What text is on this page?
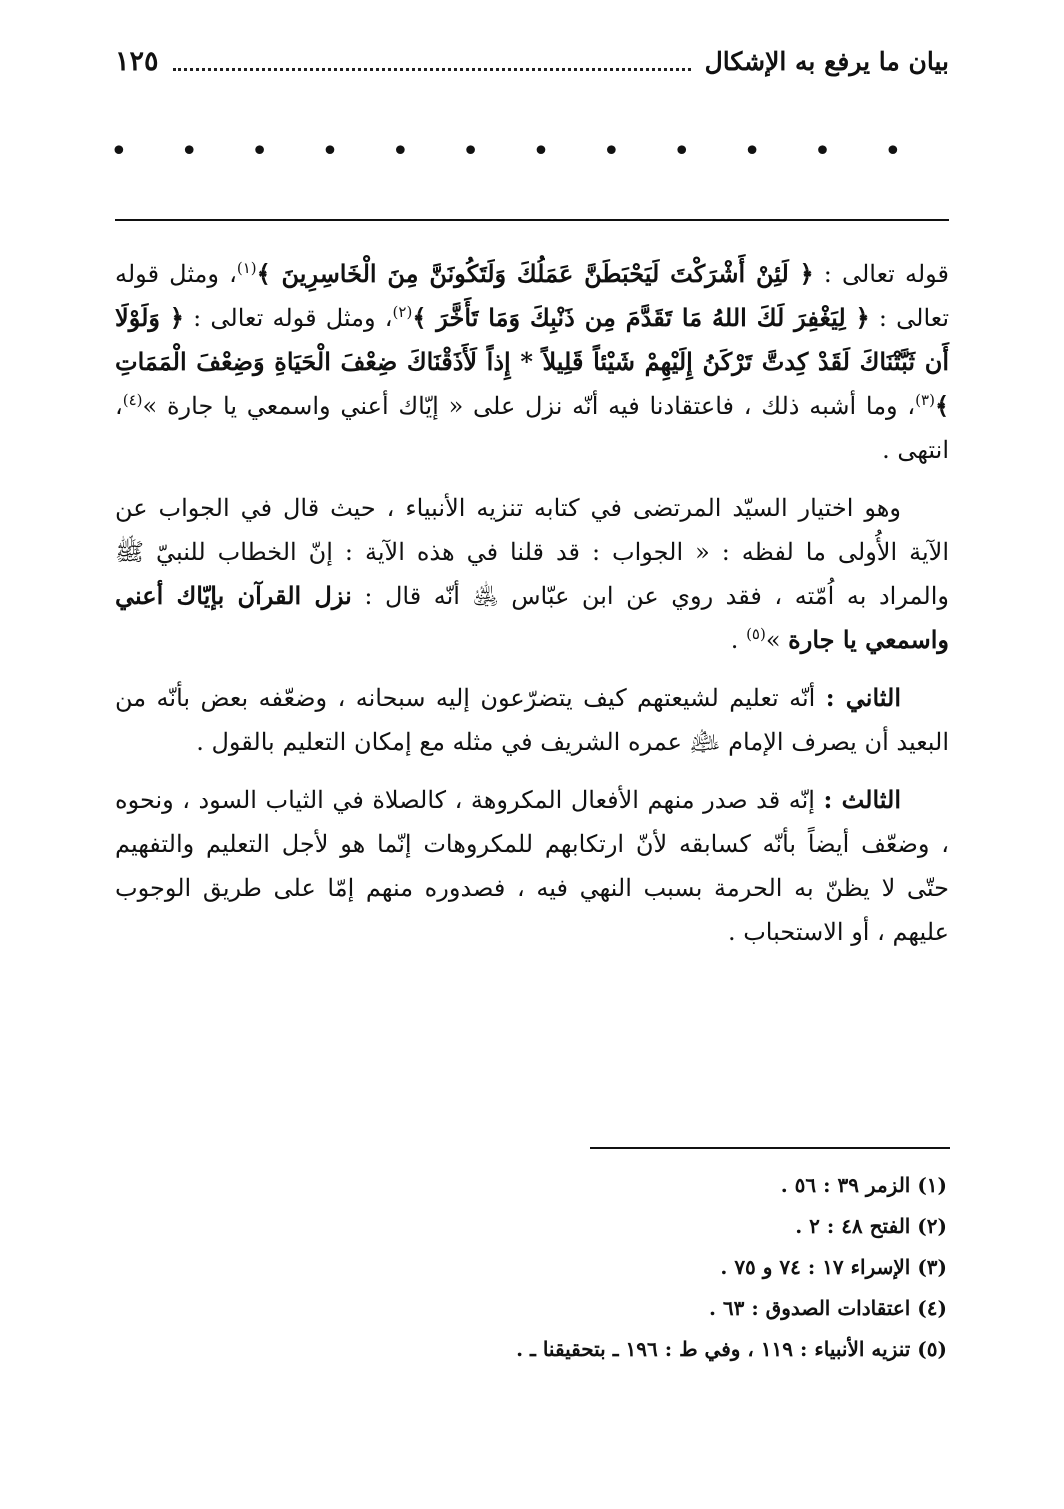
بيان ما يرفع به الإشكال
١٢٥
• • • • • • • • • • • •

قوله تعالى : ﴿ لَئِنْ أَشْرَكْتَ لَيَحْبَطَنَّ عَمَلُكَ وَلَتَكُونَنَّ مِنَ الْخَاسِرِينَ ﴾$^{(١)}$، ومثل قوله تعالى : ﴿ لِيَغْفِرَ لَكَ اللهُ مَا تَقَدَّمَ مِن ذَنْبِكَ وَمَا تَأَخَّرَ ﴾$^{(٢)}$، ومثل قوله تعالى : ﴿ وَلَوْلَا أَن ثَبَّتْنَاكَ لَقَدْ كِدتَّ تَرْكَنُ إِلَيْهِمْ شَيْئاً قَلِيلاً * إِذاً لَأَذَقْنَاكَ ضِعْفَ الْحَيَاةِ وَضِعْفَ الْمَمَاتِ ﴾$^{(٣)}$، وما أشبه ذلك ، فاعتقادنا فيه أنّه نزل على « إيّاك أعني واسمعي يا جارة »$^{(٤)}$، انتهى .

وهو اختيار السيّد المرتضى في كتابه تنزيه الأنبياء ، حيث قال في الجواب عن الآية الأُولى ما لفظه : « الجواب : قد قلنا في هذه الآية : إنّ الخطاب للنبيّ ﷺ والمراد به اُمّته ، فقد روي عن ابن عبّاس ﵁ أنّه قال : نزل القرآن بإيّاك أعني واسمعي يا جارة »$^{(٥)}$ .

الثاني : أنّه تعليم لشيعتهم كيف يتضرّعون إليه سبحانه ، وضعّفه بعض بأنّه من البعيد أن يصرف الإمام ﵇ عمره الشريف في مثله مع إمكان التعليم بالقول .

الثالث : إنّه قد صدر منهم الأفعال المكروهة ، كالصلاة في الثياب السود ، ونحوه ، وضعّف أيضاً بأنّه كسابقه لأنّ ارتكابهم للمكروهات إنّما هو لأجل التعليم والتفهيم حتّى لا يظنّ به الحرمة بسبب النهي فيه ، فصدوره منهم إمّا على طريق الوجوب عليهم ، أو الاستحباب .

(١) الزمر ٣٩ : ٥٦ .
(٢) الفتح ٤٨ : ٢ .
(٣) الإسراء ١٧ : ٧٤ و ٧٥ .
(٤) اعتقادات الصدوق : ٦٣ .
(٥) تنزيه الأنبياء : ١١٩ ، وفي ط : ١٩٦ ـ بتحقيقنا ـ .
